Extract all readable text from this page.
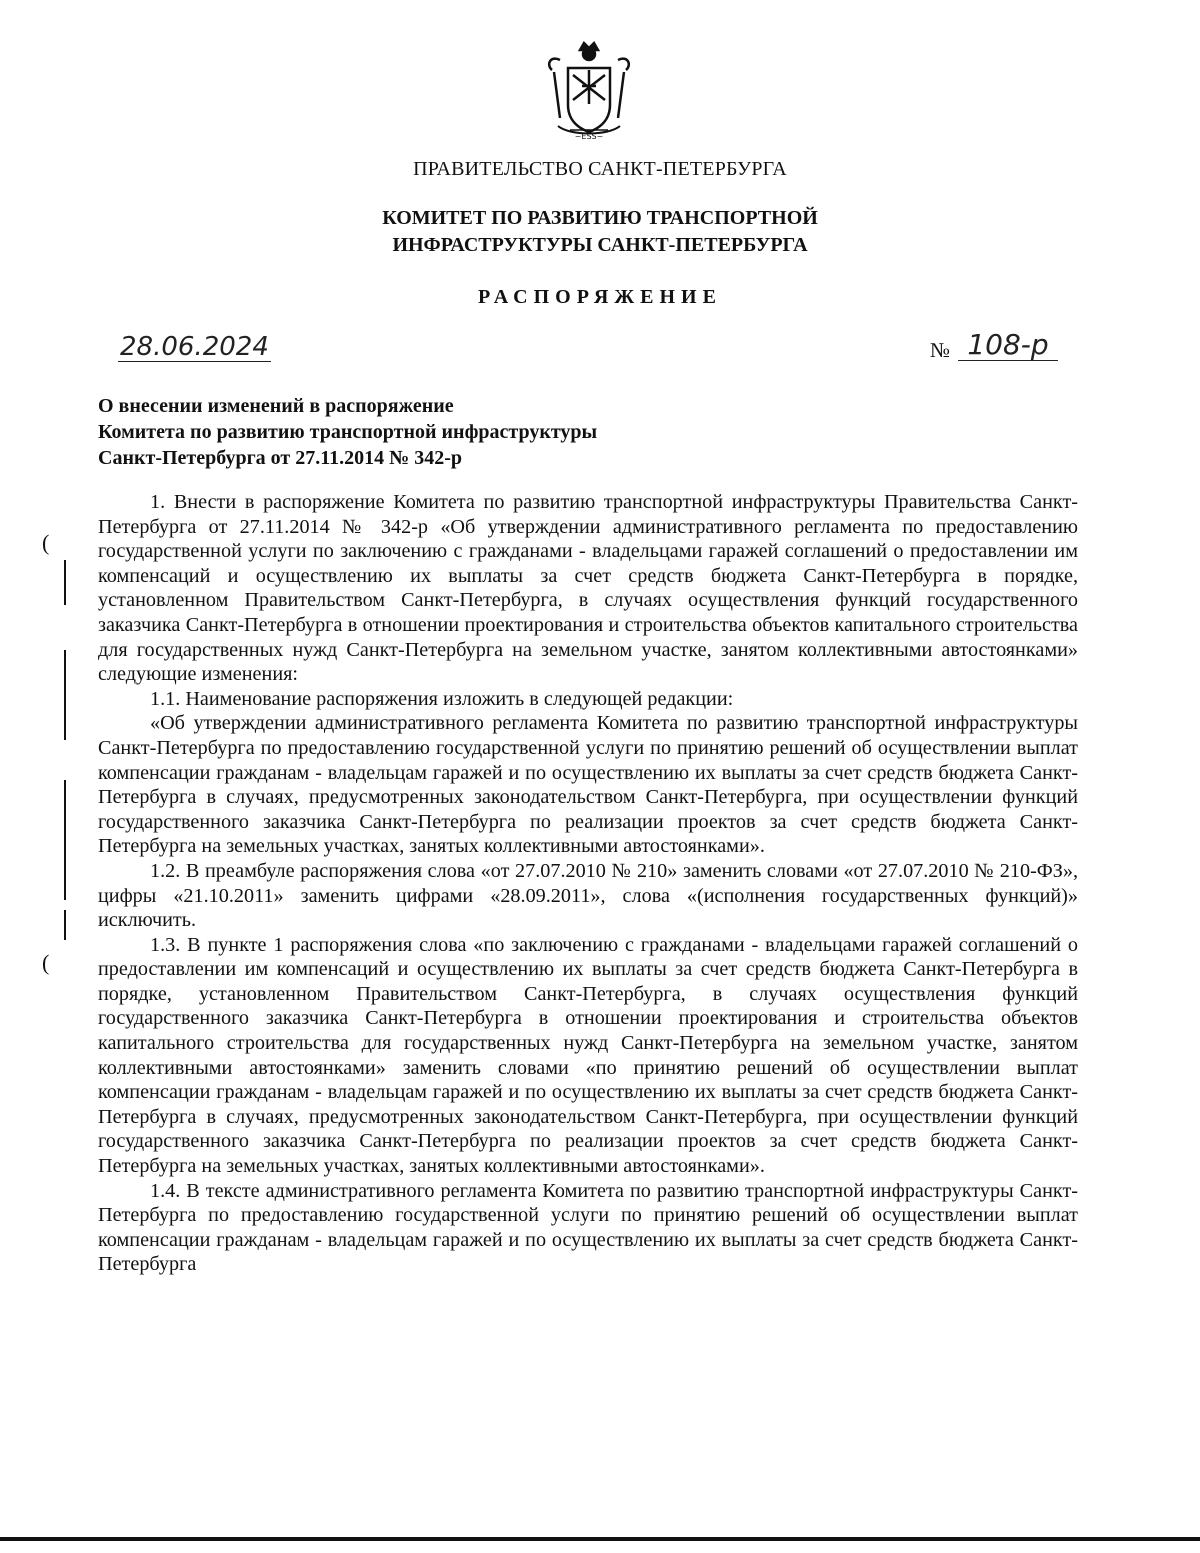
~ESS~
ПРАВИТЕЛЬСТВО САНКТ-ПЕТЕРБУРГА
КОМИТЕТ ПО РАЗВИТИЮ ТРАНСПОРТНОЙ
ИНФРАСТРУКТУРЫ САНКТ-ПЕТЕРБУРГА
РАСПОРЯЖЕНИЕ
28.06.2024	№ 108-р
О внесении изменений в распоряжение
Комитета по развитию транспортной инфраструктуры
Санкт-Петербурга от 27.11.2014 № 342-р

1. Внести в распоряжение Комитета по развитию транспортной инфраструктуры Правительства Санкт-Петербурга от 27.11.2014 № 342-р «Об утверждении административного регламента по предоставлению государственной услуги по заключению с гражданами - владельцами гаражей соглашений о предоставлении им компенсаций и осуществлению их выплаты за счет средств бюджета Санкт-Петербурга в порядке, установленном Правительством Санкт-Петербурга, в случаях осуществления функций государственного заказчика Санкт-Петербурга в отношении проектирования и строительства объектов капитального строительства для государственных нужд Санкт-Петербурга на земельном участке, занятом коллективными автостоянками» следующие изменения:

1.1. Наименование распоряжения изложить в следующей редакции:

«Об утверждении административного регламента Комитета по развитию транспортной инфраструктуры Санкт-Петербурга по предоставлению государственной услуги по принятию решений об осуществлении выплат компенсации гражданам - владельцам гаражей и по осуществлению их выплаты за счет средств бюджета Санкт-Петербурга в случаях, предусмотренных законодательством Санкт-Петербурга, при осуществлении функций государственного заказчика Санкт-Петербурга по реализации проектов за счет средств бюджета Санкт-Петербурга на земельных участках, занятых коллективными автостоянками».

1.2. В преамбуле распоряжения слова «от 27.07.2010 № 210» заменить словами «от 27.07.2010 № 210-ФЗ», цифры «21.10.2011» заменить цифрами «28.09.2011», слова «(исполнения государственных функций)» исключить.

1.3. В пункте 1 распоряжения слова «по заключению с гражданами - владельцами гаражей соглашений о предоставлении им компенсаций и осуществлению их выплаты за счет средств бюджета Санкт-Петербурга в порядке, установленном Правительством Санкт-Петербурга, в случаях осуществления функций государственного заказчика Санкт-Петербурга в отношении проектирования и строительства объектов капитального строительства для государственных нужд Санкт-Петербурга на земельном участке, занятом коллективными автостоянками» заменить словами «по принятию решений об осуществлении выплат компенсации гражданам - владельцам гаражей и по осуществлению их выплаты за счет средств бюджета Санкт-Петербурга в случаях, предусмотренных законодательством Санкт-Петербурга, при осуществлении функций государственного заказчика Санкт-Петербурга по реализации проектов за счет средств бюджета Санкт-Петербурга на земельных участках, занятых коллективными автостоянками».

1.4. В тексте административного регламента Комитета по развитию транспортной инфраструктуры Санкт-Петербурга по предоставлению государственной услуги по принятию решений об осуществлении выплат компенсации гражданам - владельцам гаражей и по осуществлению их выплаты за счет средств бюджета Санкт-Петербурга

(
(
